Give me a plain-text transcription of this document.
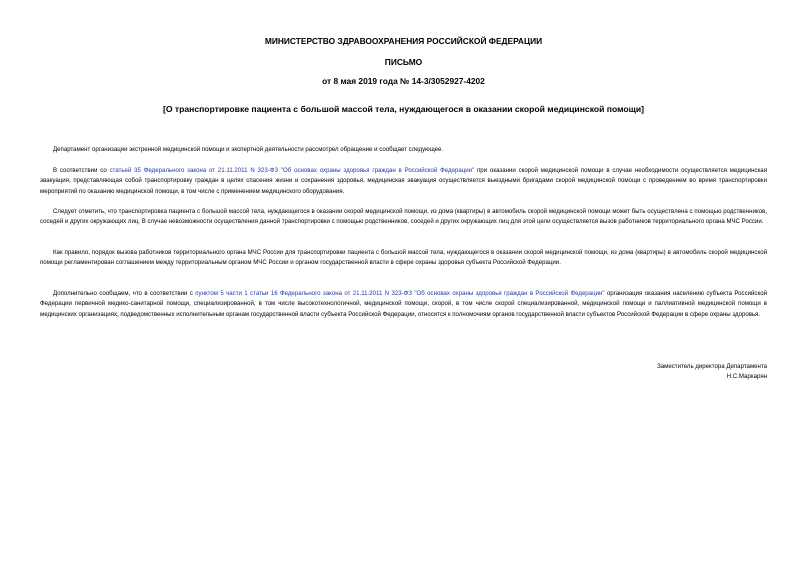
МИНИСТЕРСТВО ЗДРАВООХРАНЕНИЯ РОССИЙСКОЙ ФЕДЕРАЦИИ
ПИСЬМО
от 8 мая 2019 года № 14-3/3052927-4202
[О транспортировке пациента с большой массой тела, нуждающегося в оказании скорой медицинской помощи]
Департамент организации экстренной медицинской помощи и экспертной деятельности рассмотрел обращение и сообщает следующее.
В соответствии со статьей 35 Федерального закона от 21.11.2011 N 323-ФЗ "Об основах охраны здоровья граждан в Российской Федерации" при оказании скорой медицинской помощи в случае необходимости осуществляется медицинская эвакуация, представляющая собой транспортировку граждан в целях спасения жизни и сохранения здоровья, медицинская эвакуация осуществляется выездными бригадами скорой медицинской помощи с проведением во время транспортировки мероприятий по оказанию медицинской помощи, в том числе с применением медицинского оборудования.
Следует отметить, что транспортировка пациента с большой массой тела, нуждающегося в оказании скорой медицинской помощи, из дома (квартиры) в автомобиль скорой медицинской помощи может быть осуществлена с помощью родственников, соседей и других окружающих лиц. В случае невозможности осуществления данной транспортировки с помощью родственников, соседей и других окружающих лиц для этой цели осуществляется вызов работников территориального органа МЧС России.
Как правило, порядок вызова работников территориального органа МЧС России для транспортировки пациента с большой массой тела, нуждающегося в оказании скорой медицинской помощи, из дома (квартиры) в автомобиль скорой медицинской помощи регламентирован соглашением между территориальным органом МЧС России и органом государственной власти в сфере охраны здоровья субъекта Российской Федерации.
Дополнительно сообщаем, что в соответствии с пунктом 5 части 1 статьи 16 Федерального закона от 21.11.2011 N 323-ФЗ "Об основах охраны здоровья граждан в Российской Федерации" организация оказания населению субъекта Российской Федерации первичной медико-санитарной помощи, специализированной, в том числе высокотехнологичной, медицинской помощи, скорой, в том числе скорой специализированной, медицинской помощи и паллиативной медицинской помощи в медицинских организациях, подведомственных исполнительным органам государственной власти субъекта Российской Федерации, относится к полномочиям органов государственной власти субъектов Российской Федерации в сфере охраны здоровья.
Заместитель директора Департамента
Н.С.Маркарян
